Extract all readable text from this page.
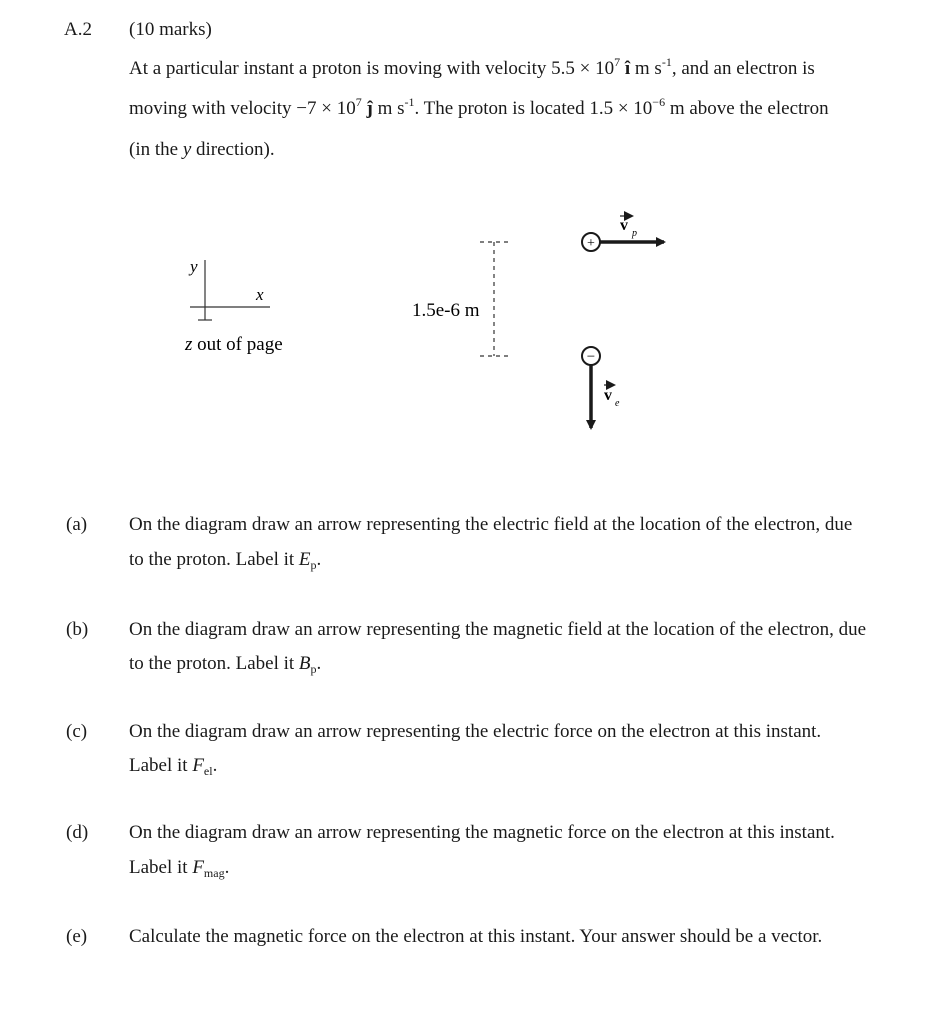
A.2 (10 marks)
At a particular instant a proton is moving with velocity $5.5 \times 10^7$ î m $s^{-1}$, and an electron is
moving with velocity $-7 \times 10^7$ ĵ m $s^{-1}$. The proton is located $1.5 \times 10^{-6}$ m above the electron
(in the y direction).
y
x
z out of page
1.5e-6 m
+
v p
−
v e
(a) On the diagram draw an arrow representing the electric field at the location of the electron, due
to the proton. Label it $E_p$.
(b) On the diagram draw an arrow representing the magnetic field at the location of the electron, due
to the proton. Label it $B_p$.
(c) On the diagram draw an arrow representing the electric force on the electron at this instant.
Label it $F_{el}$.
(d) On the diagram draw an arrow representing the magnetic force on the electron at this instant.
Label it $F_{mag}$.
(e) Calculate the magnetic force on the electron at this instant. Your answer should be a vector.
